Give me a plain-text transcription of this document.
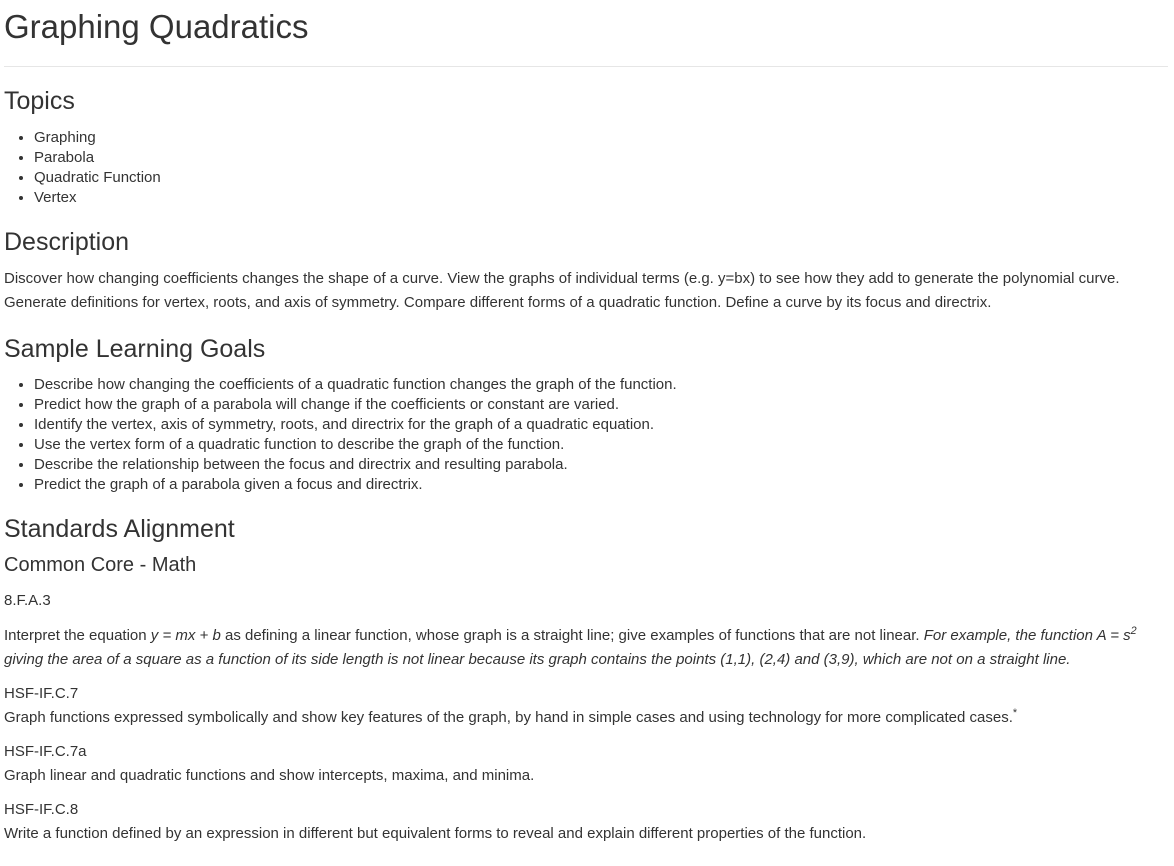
Graphing Quadratics
Topics
• Graphing
• Parabola
• Quadratic Function
• Vertex
Description

Discover how changing coefficients changes the shape of a curve. View the graphs of individual terms (e.g. y=bx) to see how they add to generate the polynomial curve. Generate definitions for vertex, roots, and axis of symmetry. Compare different forms of a quadratic function. Define a curve by its focus and directrix.

Sample Learning Goals
• Describe how changing the coefficients of a quadratic function changes the graph of the function.
• Predict how the graph of a parabola will change if the coefficients or constant are varied.
• Identify the vertex, axis of symmetry, roots, and directrix for the graph of a quadratic equation.
• Use the vertex form of a quadratic function to describe the graph of the function.
• Describe the relationship between the focus and directrix and resulting parabola.
• Predict the graph of a parabola given a focus and directrix.
Standards Alignment
Common Core - Math
8.F.A.3

Interpret the equation y = mx + b as defining a linear function, whose graph is a straight line; give examples of functions that are not linear. For example, the function $A = s^2$ giving the area of a square as a function of its side length is not linear because its graph contains the points (1,1), (2,4) and (3,9), which are not on a straight line.

HSF-IF.C.7

Graph functions expressed symbolically and show key features of the graph, by hand in simple cases and using technology for more complicated cases.*

HSF-IF.C.7a

Graph linear and quadratic functions and show intercepts, maxima, and minima.

HSF-IF.C.8

Write a function defined by an expression in different but equivalent forms to reveal and explain different properties of the function.
